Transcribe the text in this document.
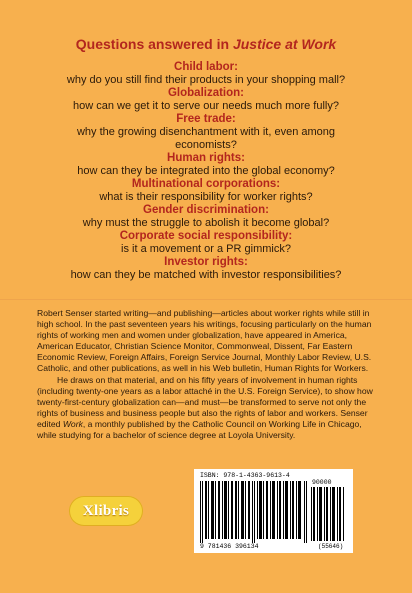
Questions answered in Justice at Work
Child labor:
why do you still find their products in your shopping mall?
Globalization:
how can we get it to serve our needs much more fully?
Free trade:
why the growing disenchantment with it, even among economists?
Human rights:
how can they be integrated into the global economy?
Multinational corporations:
what is their responsibility for worker rights?
Gender discrimination:
why must the struggle to abolish it become global?
Corporate social responsibility:
is it a movement or a PR gimmick?
Investor rights:
how can they be matched with investor responsibilities?

Robert Senser started writing—and publishing—articles about worker rights while still in high school. In the past seventeen years his writings, focusing particularly on the human rights of working men and women under globalization, have appeared in America, American Educator, Christian Science Monitor, Commonweal, Dissent, Far Eastern Economic Review, Foreign Affairs, Foreign Service Journal, Monthly Labor Review, U.S. Catholic, and other publications, as well in his Web bulletin, Human Rights for Workers.

He draws on that material, and on his fifty years of involvement in human rights (including twenty-one years as a labor attaché in the U.S. Foreign Service), to show how twenty-first-century globalization can—and must—be transformed to serve not only the rights of business and business people but also the rights of labor and workers. Senser edited Work, a monthly published by the Catholic Council on Working Life in Chicago, while studying for a bachelor of science degree at Loyola University.

Xlibris
ISBN: 978-1-4363-9613-4
90000
9 781436 396134	(55646)
